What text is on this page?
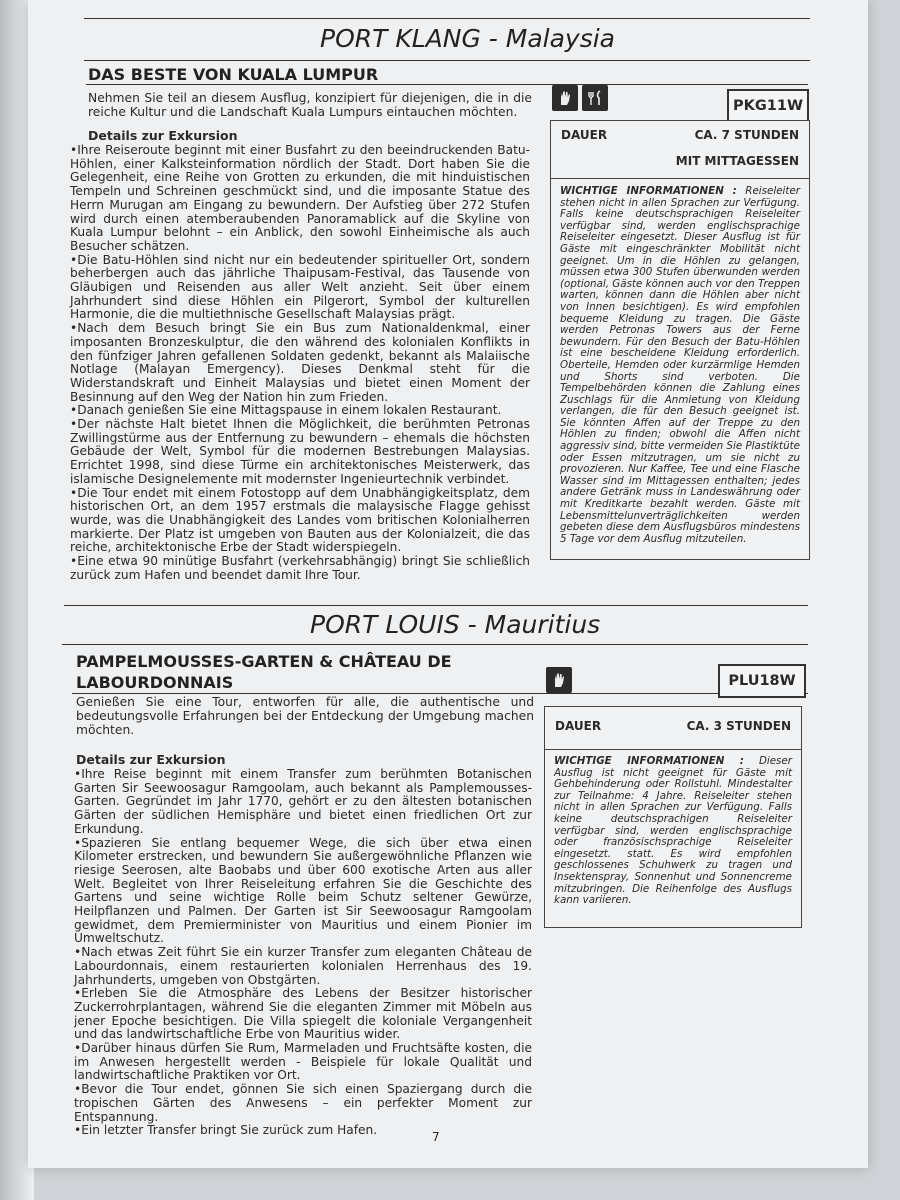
PORT KLANG - Malaysia
DAS BESTE VON KUALA LUMPUR
Nehmen Sie teil an diesem Ausflug, konzipiert für diejenigen, die in die reiche Kultur und die Landschaft Kuala Lumpurs eintauchen möchten.
Details zur Exkursion

•Ihre Reiseroute beginnt mit einer Busfahrt zu den beeindruckenden Batu-Höhlen, einer Kalksteinformation nördlich der Stadt. Dort haben Sie die Gelegenheit, eine Reihe von Grotten zu erkunden, die mit hinduistischen Tempeln und Schreinen geschmückt sind, und die imposante Statue des Herrn Murugan am Eingang zu bewundern. Der Aufstieg über 272 Stufen wird durch einen atemberaubenden Panoramablick auf die Skyline von Kuala Lumpur belohnt – ein Anblick, den sowohl Einheimische als auch Besucher schätzen.

•Die Batu-Höhlen sind nicht nur ein bedeutender spiritueller Ort, sondern beherbergen auch das jährliche Thaipusam-Festival, das Tausende von Gläubigen und Reisenden aus aller Welt anzieht. Seit über einem Jahrhundert sind diese Höhlen ein Pilgerort, Symbol der kulturellen Harmonie, die die multiethnische Gesellschaft Malaysias prägt.

•Nach dem Besuch bringt Sie ein Bus zum Nationaldenkmal, einer imposanten Bronzeskulptur, die den während des kolonialen Konflikts in den fünfziger Jahren gefallenen Soldaten gedenkt, bekannt als Malaiische Notlage (Malayan Emergency). Dieses Denkmal steht für die Widerstandskraft und Einheit Malaysias und bietet einen Moment der Besinnung auf den Weg der Nation hin zum Frieden.

•Danach genießen Sie eine Mittagspause in einem lokalen Restaurant.

•Der nächste Halt bietet Ihnen die Möglichkeit, die berühmten Petronas Zwillingstürme aus der Entfernung zu bewundern – ehemals die höchsten Gebäude der Welt, Symbol für die modernen Bestrebungen Malaysias. Errichtet 1998, sind diese Türme ein architektonisches Meisterwerk, das islamische Designelemente mit modernster Ingenieurtechnik verbindet.

•Die Tour endet mit einem Fotostopp auf dem Unabhängigkeitsplatz, dem historischen Ort, an dem 1957 erstmals die malaysische Flagge gehisst wurde, was die Unabhängigkeit des Landes vom britischen Kolonialherren markierte. Der Platz ist umgeben von Bauten aus der Kolonialzeit, die das reiche, architektonische Erbe der Stadt widerspiegeln.

•Eine etwa 90 minütige Busfahrt (verkehrsabhängig) bringt Sie schließlich zurück zum Hafen und beendet damit Ihre Tour.

PKG11W
DAUER	CA. 7 STUNDEN
MIT MITTAGESSEN

WICHTIGE INFORMATIONEN : Reiseleiter stehen nicht in allen Sprachen zur Verfügung. Falls keine deutschsprachigen Reiseleiter verfügbar sind, werden englischsprachige Reiseleiter eingesetzt. Dieser Ausflug ist für Gäste mit eingeschränkter Mobilität nicht geeignet. Um in die Höhlen zu gelangen, müssen etwa 300 Stufen überwunden werden (optional, Gäste können auch vor den Treppen warten, können dann die Höhlen aber nicht von Innen besichtigen). Es wird empfohlen bequeme Kleidung zu tragen. Die Gäste werden Petronas Towers aus der Ferne bewundern. Für den Besuch der Batu-Höhlen ist eine bescheidene Kleidung erforderlich. Oberteile, Hemden oder kurzärmlige Hemden und Shorts sind verboten. Die Tempelbehörden können die Zahlung eines Zuschlags für die Anmietung von Kleidung verlangen, die für den Besuch geeignet ist. Sie könnten Affen auf der Treppe zu den Höhlen zu finden; obwohl die Affen nicht aggressiv sind, bitte vermeiden Sie Plastiktüte oder Essen mitzutragen, um sie nicht zu provozieren. Nur Kaffee, Tee und eine Flasche Wasser sind im Mittagessen enthalten; jedes andere Getränk muss in Landeswährung oder mit Kreditkarte bezahlt werden. Gäste mit Lebensmittelunverträglichkeiten werden gebeten diese dem Ausflugsbüros mindestens 5 Tage vor dem Ausflug mitzuteilen.

PORT LOUIS - Mauritius
PAMPELMOUSSES-GARTEN & CHÂTEAU DE
LABOURDONNAIS
Genießen Sie eine Tour, entworfen für alle, die authentische und bedeutungsvolle Erfahrungen bei der Entdeckung der Umgebung machen möchten.
Details zur Exkursion

•Ihre Reise beginnt mit einem Transfer zum berühmten Botanischen Garten Sir Seewoosagur Ramgoolam, auch bekannt als Pamplemousses-Garten. Gegründet im Jahr 1770, gehört er zu den ältesten botanischen Gärten der südlichen Hemisphäre und bietet einen friedlichen Ort zur Erkundung.

•Spazieren Sie entlang bequemer Wege, die sich über etwa einen Kilometer erstrecken, und bewundern Sie außergewöhnliche Pflanzen wie riesige Seerosen, alte Baobabs und über 600 exotische Arten aus aller Welt. Begleitet von Ihrer Reiseleitung erfahren Sie die Geschichte des Gartens und seine wichtige Rolle beim Schutz seltener Gewürze, Heilpflanzen und Palmen. Der Garten ist Sir Seewoosagur Ramgoolam gewidmet, dem Premierminister von Mauritius und einem Pionier im Umweltschutz.

•Nach etwas Zeit führt Sie ein kurzer Transfer zum eleganten Château de Labourdonnais, einem restaurierten kolonialen Herrenhaus des 19. Jahrhunderts, umgeben von Obstgärten.

•Erleben Sie die Atmosphäre des Lebens der Besitzer historischer Zuckerrohrplantagen, während Sie die eleganten Zimmer mit Möbeln aus jener Epoche besichtigen. Die Villa spiegelt die koloniale Vergangenheit und das landwirtschaftliche Erbe von Mauritius wider.

•Darüber hinaus dürfen Sie Rum, Marmeladen und Fruchtsäfte kosten, die im Anwesen hergestellt werden - Beispiele für lokale Qualität und landwirtschaftliche Praktiken vor Ort.

•Bevor die Tour endet, gönnen Sie sich einen Spaziergang durch die tropischen Gärten des Anwesens – ein perfekter Moment zur Entspannung.

•Ein letzter Transfer bringt Sie zurück zum Hafen.

PLU18W
DAUER	CA. 3 STUNDEN

WICHTIGE INFORMATIONEN : Dieser Ausflug ist nicht geeignet für Gäste mit Gehbehinderung oder Rollstuhl. Mindestalter zur Teilnahme: 4 Jahre. Reiseleiter stehen nicht in allen Sprachen zur Verfügung. Falls keine deutschsprachigen Reiseleiter verfügbar sind, werden englischsprachige oder französischsprachige Reiseleiter eingesetzt. statt. Es wird empfohlen geschlossenes Schuhwerk zu tragen und Insektenspray, Sonnenhut und Sonnencreme mitzubringen. Die Reihenfolge des Ausflugs kann variieren.

7
